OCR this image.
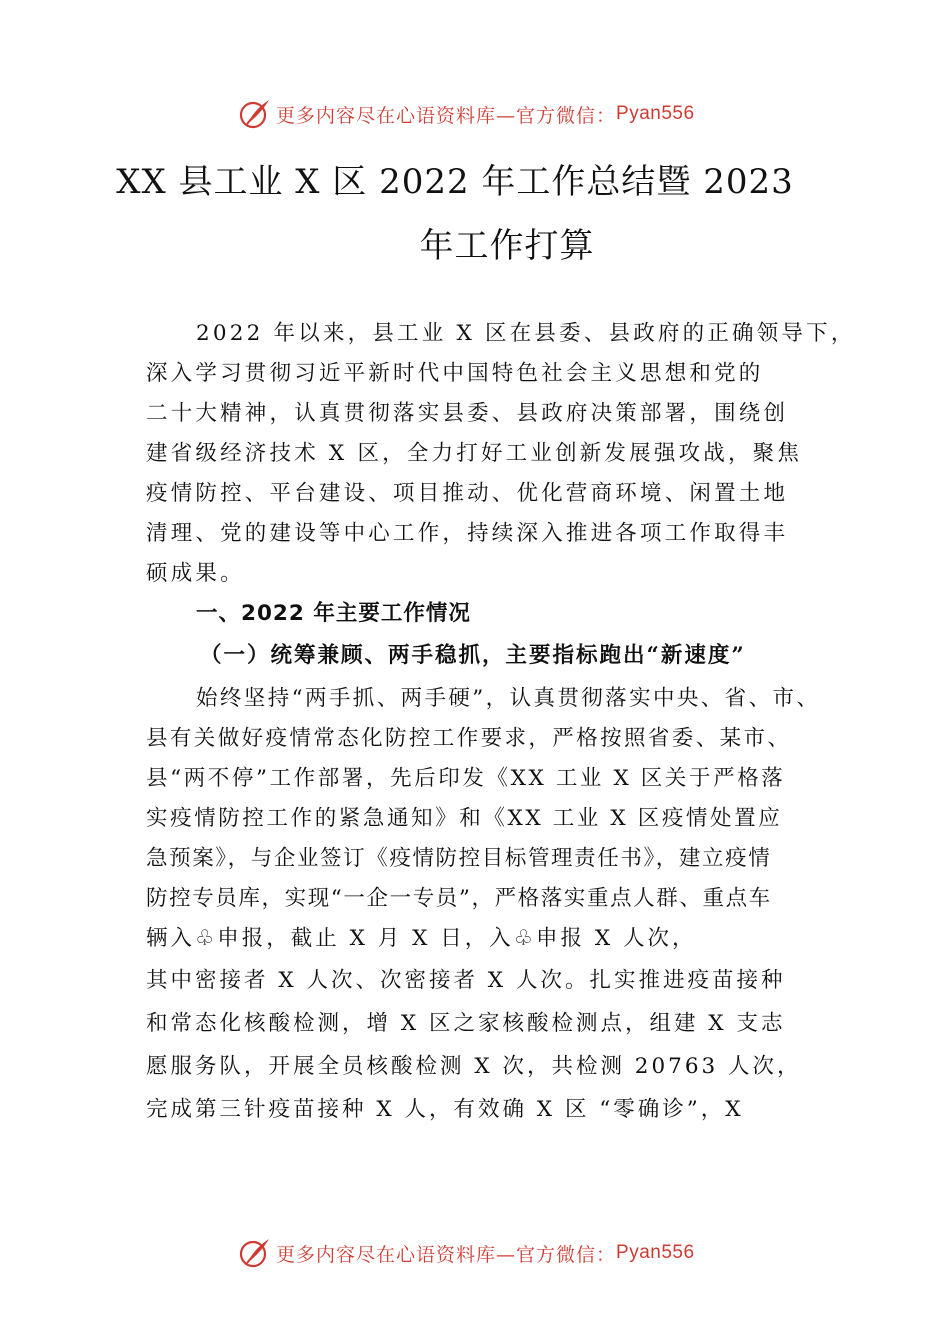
更多内容尽在心语资料库—官方微信： Pyan556
XX 县工业 X 区 2022 年工作总结暨 2023
年工作打算

2022 年以来，县工业 X 区在县委、县政府的正确领导下，

深入学习贯彻习近平新时代中国特色社会主义思想和党的

二十大精神，认真贯彻落实县委、县政府决策部署，围绕创

建省级经济技术 X 区，全力打好工业创新发展强攻战，聚焦

疫情防控、平台建设、项目推动、优化营商环境、闲置土地

清理、党的建设等中心工作，持续深入推进各项工作取得丰

硕成果。

一、2022 年主要工作情况
（一）统筹兼顾、两手稳抓，主要指标跑出“新速度”

始终坚持“两手抓、两手硬”，认真贯彻落实中央、省、市、

县有关做好疫情常态化防控工作要求，严格按照省委、某市、

县“两不停”工作部署，先后印发《XX 工业 X 区关于严格落

实疫情防控工作的紧急通知》和《XX 工业 X 区疫情处置应

急预案》，与企业签订《疫情防控目标管理责任书》，建立疫情

防控专员库，实现“一企一专员”，严格落实重点人群、重点车

辆入♧申报，截止 X 月 X 日，入♧申报 X 人次，

其中密接者 X 人次、次密接者 X 人次。扎实推进疫苗接种

和常态化核酸检测，增 X 区之家核酸检测点，组建 X 支志

愿服务队，开展全员核酸检测 X 次，共检测 20763 人次，

完成第三针疫苗接种 X 人，有效确 X 区 “零确诊”，X

更多内容尽在心语资料库—官方微信： Pyan556
